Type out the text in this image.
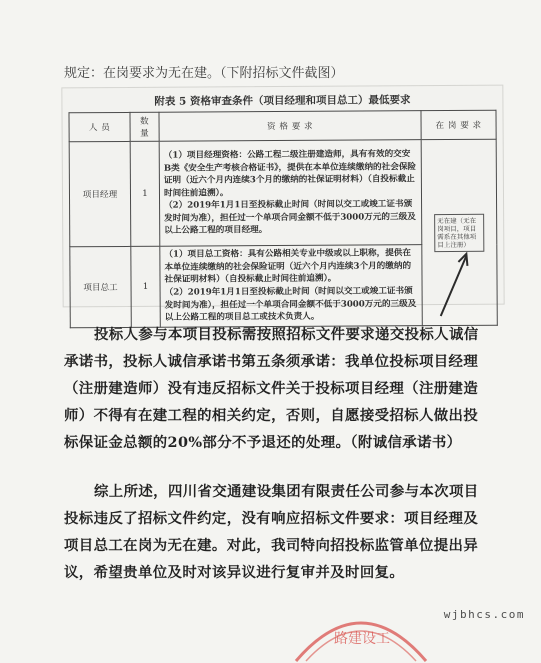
规定：在岗要求为无在建。（下附招标文件截图）
附表 5 资格审查条件（项目经理和项目总工）最低要求
人 员	数 量	资 格 要 求	在 岗 要 求
项目经理	1	（1）项目经理资格：公路工程二级注册建造师，具有有效的交安B类《安全生产考核合格证书》，提供在本单位连续缴纳的社会保险证明（近六个月内连续3个月的缴纳的社保证明材料）（自投标截止时间往前追溯）。

（2）2019年1月1日至投标截止时间（时间以交工或竣工证书颁发时间为准），担任过一个单项合同金额不低于3000万元的三级及以上公路工程的项目经理。	无在建（无在岗项目，项目需系在其他项目上注册）

项目总工	1	（1）项目总工资格：具有公路相关专业中级或以上职称，提供在本单位连续缴纳的社会保险证明（近六个月内连续3个月的缴纳的社保证明材料）（自投标截止时间往前追溯）。

（2）2019年1月1日至投标截止时间（时间以交工或竣工证书颁发时间为准），担任过一个单项合同金额不低于3000万元的三级及以上公路工程的项目总工或技术负责人。	

投标人参与本项目投标需按照招标文件要求递交投标人诚信承诺书，投标人诚信承诺书第五条须承诺：我单位投标项目经理（注册建造师）没有违反招标文件关于投标项目经理（注册建造师）不得有在建工程的相关约定，否则，自愿接受招标人做出投标保证金总额的20%部分不予退还的处理。（附诚信承诺书）
综上所述，四川省交通建设集团有限责任公司参与本次项目投标违反了招标文件约定，没有响应招标文件要求：项目经理及项目总工在岗为无在建。对此，我司特向招投标监管单位提出异议，希望贵单位及时对该异议进行复审并及时回复。
路建设工
wjbhcs.com
